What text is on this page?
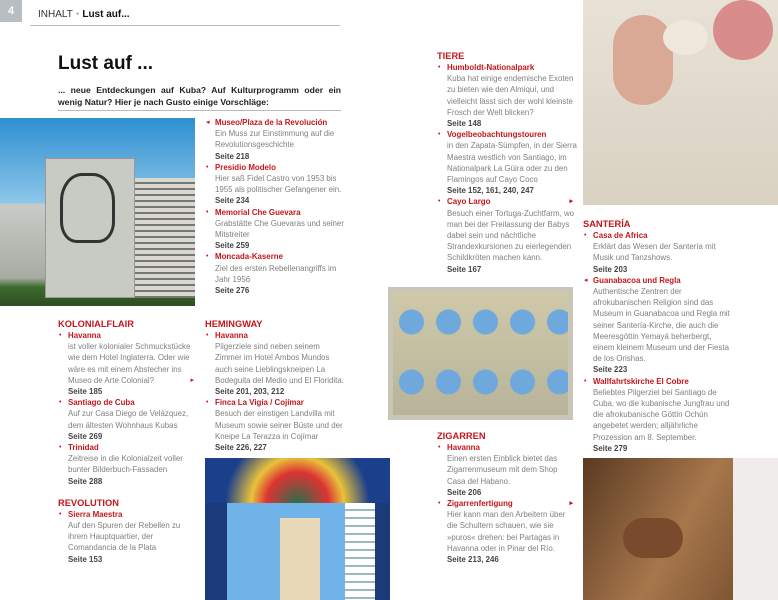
4	INHALT • Lust auf...
Lust auf ...
... neue Entdeckungen auf Kuba? Auf Kulturprogramm oder ein wenig Natur? Hier je nach Gusto einige Vorschläge:
◂ Museo/Plaza de la Revolución
Ein Muss zur Einstimmung auf die Revolutionsgeschichte
Seite 218
• Presidio Modelo
Hier saß Fidel Castro von 1953 bis 1955 als politischer Gefangener ein.
Seite 234
• Memorial Che Guevara
Grabstätte Che Guevaras und seiner Mitstreiter
Seite 259
• Moncada-Kaserne
Ziel des ersten Rebellenangriffs im Jahr 1956
Seite 276
KOLONIALFLAIR
• Havanna
ist voller kolonialer Schmuckstücke wie dem Hotel Inglaterra. Oder wie wäre es mit einem Abstecher ins Museo de Arte Colonial?	▸
Seite 185
• Santiago de Cuba
Auf zur Casa Diego de Velázquez, dem ältesten Wohnhaus Kubas
Seite 269
• Trinidad
Zeitreise in die Kolonialzeit voller bunter Bilderbuch-Fassaden
Seite 288
REVOLUTION
• Sierra Maestra
Auf den Spuren der Rebellen zu ihrem Hauptquartier, der Comandancia de la Plata
Seite 153
HEMINGWAY
• Havanna
Pilgerziele sind neben seinem Zimmer im Hotel Ambos Mundos auch seine Lieblingskneipen La Bodeguita del Medio und El Floridita.
Seite 201, 203, 212
• Finca La Vigía / Cojímar
Besuch der einstigen Landvilla mit Museum sowie seiner Büste und der Kneipe La Terazza in Cojímar
Seite 226, 227
TIERE
• Humboldt-Nationalpark
Kuba hat einige endemische Exoten zu bieten wie den Almiquí, und vielleicht lässt sich der wohl kleinste Frosch der Welt blicken?
Seite 148
• Vogelbeobachtungstouren
in den Zapata-Sümpfen, in der Sierra Maestra westlich von Santiago, im Nationalpark La Güira oder zu den Flamingos auf Cayo Coco
Seite 152, 161, 240, 247
• Cayo Largo	▸
Besuch einer Tortuga-Zuchtfarm, wo man bei der Freilassung der Babys dabei sein und nächtliche Strandexkursionen zu eierlegenden Schildkröten machen kann.
Seite 167
ZIGARREN
• Havanna
Einen ersten Einblick bietet das Zigarrenmuseum mit dem Shop Casa del Habano.
Seite 206
• Zigarrenfertigung	▸
Hier kann man den Arbeitern über die Schultern schauen, wie sie »puros« drehen: bei Partagas in Havanna oder in Pinar del Río.
Seite 213, 246
SANTERÍA
• Casa de Africa
Erklärt das Wesen der Santería mit Musik und Tanzshows.
Seite 203
◂ Guanabacoa und Regla
Authentische Zentren der afrokubanischen Religion sind das Museum in Guanabacoa und Regla mit seiner Santería-Kirche, die auch die Meeresgöttin Yemayá beherbergt, einem kleinem Museum und der Fiesta de los Orishas.
Seite 223
• Wallfahrtskirche El Cobre
Beliebtes Pilgerziel bei Santiago de Cuba, wo die kubanische Jungfrau und die afrokubanische Göttin Ochún angebetet werden; alljährliche Prozession am 8. September.
Seite 279
